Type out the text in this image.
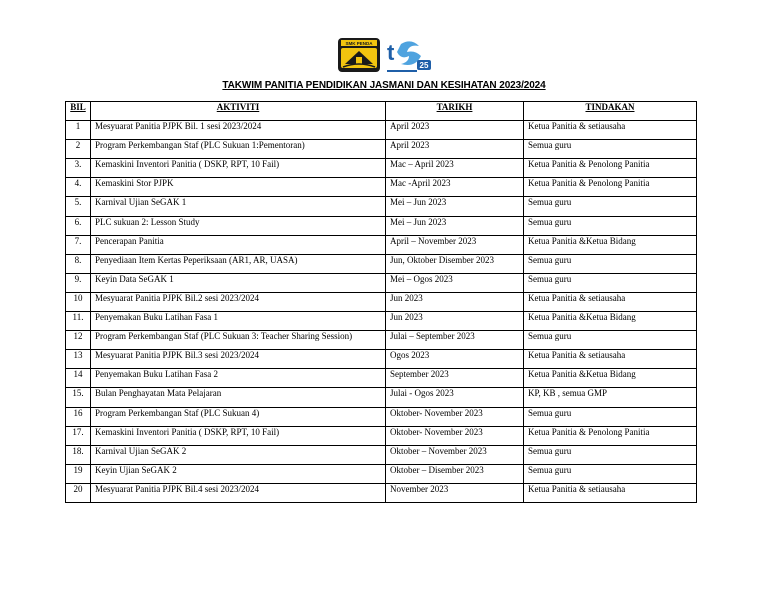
SMK PENDA t
25
TAKWIM PANITIA PENDIDIKAN JASMANI DAN KESIHATAN 2023/2024
BIL	AKTIVITI	TARIKH	TINDAKAN
1	Mesyuarat Panitia PJPK Bil. 1 sesi 2023/2024	April 2023	Ketua Panitia & setiausaha
2	Program Perkembangan Staf (PLC Sukuan 1:Pementoran)	April 2023	Semua guru
3.	Kemaskini Inventori Panitia ( DSKP, RPT, 10 Fail)	Mac – April 2023	Ketua Panitia & Penolong Panitia
4.	Kemaskini Stor PJPK	Mac -April 2023	Ketua Panitia & Penolong Panitia
5.	Karnival Ujian SeGAK 1	Mei – Jun 2023	Semua guru
6.	PLC sukuan 2: Lesson Study	Mei – Jun 2023	Semua guru
7.	Pencerapan Panitia	April – November 2023	Ketua Panitia &Ketua Bidang
8.	Penyediaan Item Kertas Peperiksaan (AR1, AR, UASA)	Jun, Oktober Disember 2023	Semua guru
9.	Keyin Data SeGAK 1	Mei – Ogos 2023	Semua guru
10	Mesyuarat Panitia PJPK Bil.2 sesi 2023/2024	Jun 2023	Ketua Panitia & setiausaha
11.	Penyemakan Buku Latihan Fasa 1	Jun 2023	Ketua Panitia &Ketua Bidang
12	Program Perkembangan Staf (PLC Sukuan 3: Teacher Sharing Session)	Julai – September 2023	Semua guru
13	Mesyuarat Panitia PJPK Bil.3 sesi 2023/2024	Ogos 2023	Ketua Panitia & setiausaha
14	Penyemakan Buku Latihan Fasa 2	September 2023	Ketua Panitia &Ketua Bidang
15.	Bulan Penghayatan Mata Pelajaran	Julai - Ogos 2023	KP, KB , semua GMP
16	Program Perkembangan Staf (PLC Sukuan 4)	Oktober- November 2023	Semua guru
17.	Kemaskini Inventori Panitia ( DSKP, RPT, 10 Fail)	Oktober- November 2023	Ketua Panitia & Penolong Panitia
18.	Karnival Ujian SeGAK 2	Oktober – November 2023	Semua guru
19	Keyin Ujian SeGAK 2	Oktober – Disember 2023	Semua guru
20	Mesyuarat Panitia PJPK Bil.4 sesi 2023/2024	November 2023	Ketua Panitia & setiausaha
